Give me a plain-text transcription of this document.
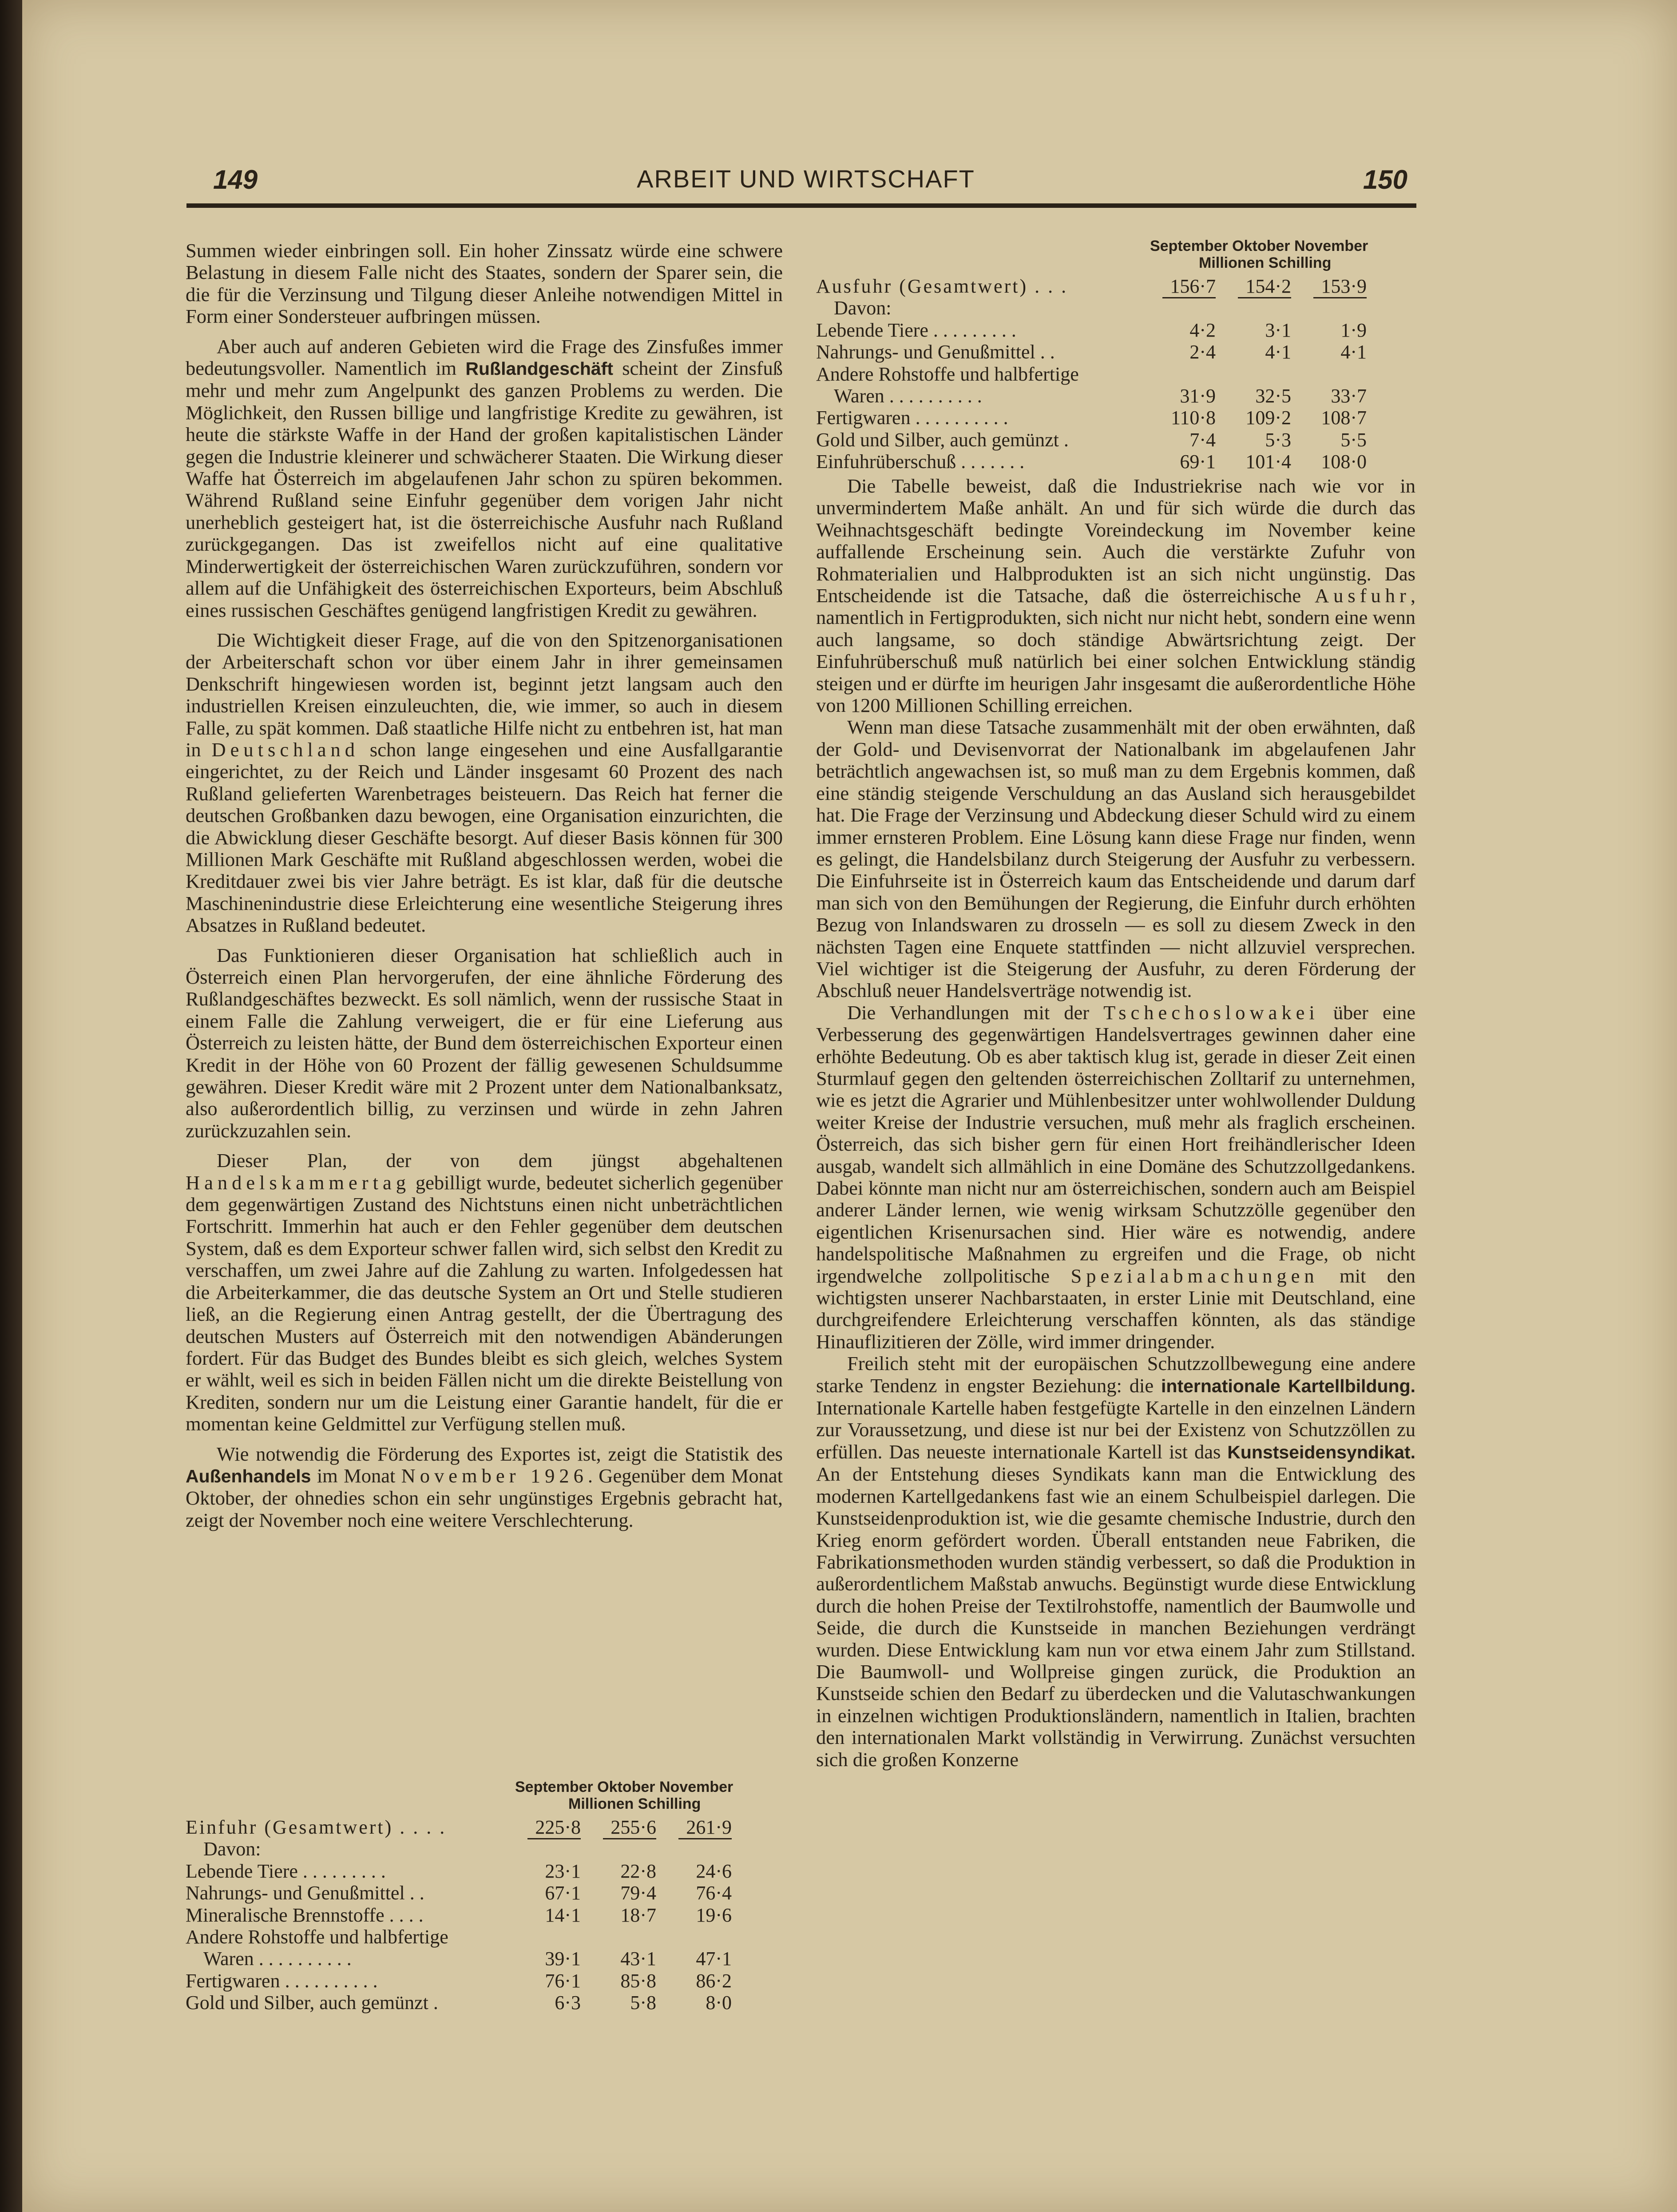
149	ARBEIT UND WIRTSCHAFT	150

Summen wieder einbringen soll. Ein hoher Zinssatz würde eine schwere Belastung in diesem Falle nicht des Staates, sondern der Sparer sein, die die für die Verzinsung und Tilgung dieser Anleihe notwendigen Mittel in Form einer Sondersteuer aufbringen müssen.

Aber auch auf anderen Gebieten wird die Frage des Zinsfußes immer bedeutungsvoller. Namentlich im Rußlandgeschäft scheint der Zinsfuß mehr und mehr zum Angelpunkt des ganzen Problems zu werden. Die Möglichkeit, den Russen billige und langfristige Kredite zu gewähren, ist heute die stärkste Waffe in der Hand der großen kapitalistischen Länder gegen die Industrie kleinerer und schwächerer Staaten. Die Wirkung dieser Waffe hat Österreich im abgelaufenen Jahr schon zu spüren bekommen. Während Rußland seine Einfuhr gegenüber dem vorigen Jahr nicht unerheblich gesteigert hat, ist die österreichische Ausfuhr nach Rußland zurückgegangen. Das ist zweifellos nicht auf eine qualitative Minderwertigkeit der österreichischen Waren zurückzuführen, sondern vor allem auf die Unfähigkeit des österreichischen Exporteurs, beim Abschluß eines russischen Geschäftes genügend langfristigen Kredit zu gewähren.

Die Wichtigkeit dieser Frage, auf die von den Spitzenorganisationen der Arbeiterschaft schon vor über einem Jahr in ihrer gemeinsamen Denkschrift hingewiesen worden ist, beginnt jetzt langsam auch den industriellen Kreisen einzuleuchten, die, wie immer, so auch in diesem Falle, zu spät kommen. Daß staatliche Hilfe nicht zu entbehren ist, hat man in Deutschland schon lange eingesehen und eine Ausfallgarantie eingerichtet, zu der Reich und Länder insgesamt 60 Prozent des nach Rußland gelieferten Warenbetrages beisteuern. Das Reich hat ferner die deutschen Großbanken dazu bewogen, eine Organisation einzurichten, die die Abwicklung dieser Geschäfte besorgt. Auf dieser Basis können für 300 Millionen Mark Geschäfte mit Rußland abgeschlossen werden, wobei die Kreditdauer zwei bis vier Jahre beträgt. Es ist klar, daß für die deutsche Maschinenindustrie diese Erleichterung eine wesentliche Steigerung ihres Absatzes in Rußland bedeutet.

Das Funktionieren dieser Organisation hat schließlich auch in Österreich einen Plan hervorgerufen, der eine ähnliche Förderung des Rußlandgeschäftes bezweckt. Es soll nämlich, wenn der russische Staat in einem Falle die Zahlung verweigert, die er für eine Lieferung aus Österreich zu leisten hätte, der Bund dem österreichischen Exporteur einen Kredit in der Höhe von 60 Prozent der fällig gewesenen Schuldsumme gewähren. Dieser Kredit wäre mit 2 Prozent unter dem Nationalbanksatz, also außerordentlich billig, zu verzinsen und würde in zehn Jahren zurückzuzahlen sein.

Dieser Plan, der von dem jüngst abgehaltenen Handelskammertag gebilligt wurde, bedeutet sicherlich gegenüber dem gegenwärtigen Zustand des Nichtstuns einen nicht unbeträchtlichen Fortschritt. Immerhin hat auch er den Fehler gegenüber dem deutschen System, daß es dem Exporteur schwer fallen wird, sich selbst den Kredit zu verschaffen, um zwei Jahre auf die Zahlung zu warten. Infolgedessen hat die Arbeiterkammer, die das deutsche System an Ort und Stelle studieren ließ, an die Regierung einen Antrag gestellt, der die Übertragung des deutschen Musters auf Österreich mit den notwendigen Abänderungen fordert. Für das Budget des Bundes bleibt es sich gleich, welches System er wählt, weil es sich in beiden Fällen nicht um die direkte Beistellung von Krediten, sondern nur um die Leistung einer Garantie handelt, für die er momentan keine Geldmittel zur Verfügung stellen muß.

Wie notwendig die Förderung des Exportes ist, zeigt die Statistik des Außenhandels im Monat November 1926. Gegenüber dem Monat Oktober, der ohnedies schon ein sehr ungünstiges Ergebnis gebracht hat, zeigt der November noch eine weitere Verschlechterung.

September Oktober November
Millionen Schilling
Einfuhr (Gesamtwert) . . . .	225·8	255·6	261·9
Davon:
Lebende Tiere . . . . . . . . .	23·1	22·8	24·6
Nahrungs- und Genußmittel . .	67·1	79·4	76·4
Mineralische Brennstoffe . . . .	14·1	18·7	19·6
Andere Rohstoffe und halbfertige
Waren . . . . . . . . . .	39·1	43·1	47·1
Fertigwaren . . . . . . . . . .	76·1	85·8	86·2
Gold und Silber, auch gemünzt .	6·3	5·8	8·0
September Oktober November
Millionen Schilling
Ausfuhr (Gesamtwert) . . .	156·7	154·2	153·9
Davon:
Lebende Tiere . . . . . . . . .	4·2	3·1	1·9
Nahrungs- und Genußmittel . .	2·4	4·1	4·1
Andere Rohstoffe und halbfertige
Waren . . . . . . . . . .	31·9	32·5	33·7
Fertigwaren . . . . . . . . . .	110·8	109·2	108·7
Gold und Silber, auch gemünzt .	7·4	5·3	5·5
Einfuhrüberschuß . . . . . . .	69·1	101·4	108·0

Die Tabelle beweist, daß die Industriekrise nach wie vor in unvermindertem Maße anhält. An und für sich würde die durch das Weihnachtsgeschäft bedingte Voreindeckung im November keine auffallende Erscheinung sein. Auch die verstärkte Zufuhr von Rohmaterialien und Halbprodukten ist an sich nicht ungünstig. Das Entscheidende ist die Tatsache, daß die österreichische Ausfuhr, namentlich in Fertigprodukten, sich nicht nur nicht hebt, sondern eine wenn auch langsame, so doch ständige Abwärtsrichtung zeigt. Der Einfuhrüberschuß muß natürlich bei einer solchen Entwicklung ständig steigen und er dürfte im heurigen Jahr insgesamt die außerordentliche Höhe von 1200 Millionen Schilling erreichen.

Wenn man diese Tatsache zusammenhält mit der oben erwähnten, daß der Gold- und Devisenvorrat der Nationalbank im abgelaufenen Jahr beträchtlich angewachsen ist, so muß man zu dem Ergebnis kommen, daß eine ständig steigende Verschuldung an das Ausland sich herausgebildet hat. Die Frage der Verzinsung und Abdeckung dieser Schuld wird zu einem immer ernsteren Problem. Eine Lösung kann diese Frage nur finden, wenn es gelingt, die Handelsbilanz durch Steigerung der Ausfuhr zu verbessern. Die Einfuhrseite ist in Österreich kaum das Entscheidende und darum darf man sich von den Bemühungen der Regierung, die Einfuhr durch erhöhten Bezug von Inlandswaren zu drosseln — es soll zu diesem Zweck in den nächsten Tagen eine Enquete stattfinden — nicht allzuviel versprechen. Viel wichtiger ist die Steigerung der Ausfuhr, zu deren Förderung der Abschluß neuer Handelsverträge notwendig ist.

Die Verhandlungen mit der Tschechoslowakei über eine Verbesserung des gegenwärtigen Handelsvertrages gewinnen daher eine erhöhte Bedeutung. Ob es aber taktisch klug ist, gerade in dieser Zeit einen Sturmlauf gegen den geltenden österreichischen Zolltarif zu unternehmen, wie es jetzt die Agrarier und Mühlenbesitzer unter wohlwollender Duldung weiter Kreise der Industrie versuchen, muß mehr als fraglich erscheinen. Österreich, das sich bisher gern für einen Hort freihändlerischer Ideen ausgab, wandelt sich allmählich in eine Domäne des Schutzzollgedankens. Dabei könnte man nicht nur am österreichischen, sondern auch am Beispiel anderer Länder lernen, wie wenig wirksam Schutzzölle gegenüber den eigentlichen Krisenursachen sind. Hier wäre es notwendig, andere handelspolitische Maßnahmen zu ergreifen und die Frage, ob nicht irgendwelche zollpolitische Spezialabmachungen mit den wichtigsten unserer Nachbarstaaten, in erster Linie mit Deutschland, eine durchgreifendere Erleichterung verschaffen könnten, als das ständige Hinauflizitieren der Zölle, wird immer dringender.

Freilich steht mit der europäischen Schutzzollbewegung eine andere starke Tendenz in engster Beziehung: die internationale Kartellbildung. Internationale Kartelle haben festgefügte Kartelle in den einzelnen Ländern zur Voraussetzung, und diese ist nur bei der Existenz von Schutzzöllen zu erfüllen. Das neueste internationale Kartell ist das Kunstseidensyndikat. An der Entstehung dieses Syndikats kann man die Entwicklung des modernen Kartellgedankens fast wie an einem Schulbeispiel darlegen. Die Kunstseidenproduktion ist, wie die gesamte chemische Industrie, durch den Krieg enorm gefördert worden. Überall entstanden neue Fabriken, die Fabrikationsmethoden wurden ständig verbessert, so daß die Produktion in außerordentlichem Maßstab anwuchs. Begünstigt wurde diese Entwicklung durch die hohen Preise der Textilrohstoffe, namentlich der Baumwolle und Seide, die durch die Kunstseide in manchen Beziehungen verdrängt wurden. Diese Entwicklung kam nun vor etwa einem Jahr zum Stillstand. Die Baumwoll- und Wollpreise gingen zurück, die Produktion an Kunstseide schien den Bedarf zu überdecken und die Valutaschwankungen in einzelnen wichtigen Produktionsländern, namentlich in Italien, brachten den internationalen Markt vollständig in Verwirrung. Zunächst versuchten sich die großen Konzerne
